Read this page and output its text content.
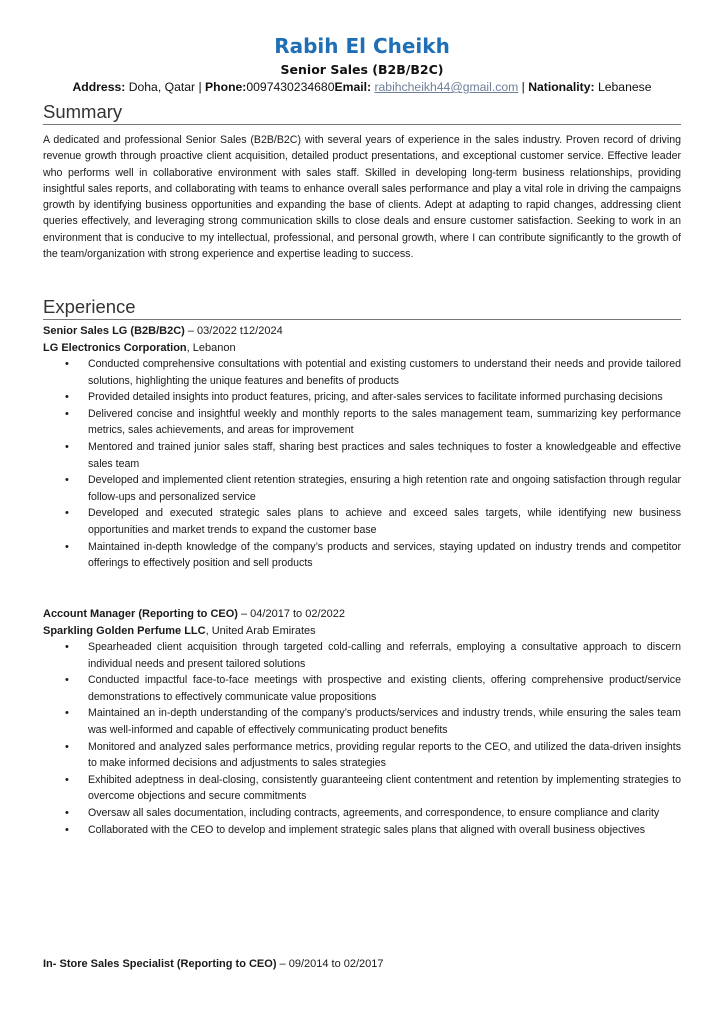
Rabih El Cheikh
Senior Sales (B2B/B2C)
Address: Doha, Qatar | Phone:0097430234680Email: rabihcheikh44@gmail.com | Nationality: Lebanese
Summary
A dedicated and professional Senior Sales (B2B/B2C) with several years of experience in the sales industry. Proven record of driving revenue growth through proactive client acquisition, detailed product presentations, and exceptional customer service. Effective leader who performs well in collaborative environment with sales staff. Skilled in developing long-term business relationships, providing insightful sales reports, and collaborating with teams to enhance overall sales performance and play a vital role in driving the campaigns growth by identifying business opportunities and expanding the base of clients. Adept at adapting to rapid changes, addressing client queries effectively, and leveraging strong communication skills to close deals and ensure customer satisfaction. Seeking to work in an environment that is conducive to my intellectual, professional, and personal growth, where I can contribute significantly to the growth of the team/organization with strong experience and expertise leading to success.
Experience
Senior Sales LG (B2B/B2C) – 03/2022 t12/2024
LG Electronics Corporation, Lebanon
• Conducted comprehensive consultations with potential and existing customers to understand their needs and provide tailored solutions, highlighting the unique features and benefits of products
• Provided detailed insights into product features, pricing, and after-sales services to facilitate informed purchasing decisions
• Delivered concise and insightful weekly and monthly reports to the sales management team, summarizing key performance metrics, sales achievements, and areas for improvement
• Mentored and trained junior sales staff, sharing best practices and sales techniques to foster a knowledgeable and effective sales team
• Developed and implemented client retention strategies, ensuring a high retention rate and ongoing satisfaction through regular follow-ups and personalized service
• Developed and executed strategic sales plans to achieve and exceed sales targets, while identifying new business opportunities and market trends to expand the customer base
• Maintained in-depth knowledge of the company’s products and services, staying updated on industry trends and competitor offerings to effectively position and sell products
Account Manager (Reporting to CEO) – 04/2017 to 02/2022
Sparkling Golden Perfume LLC, United Arab Emirates
• Spearheaded client acquisition through targeted cold-calling and referrals, employing a consultative approach to discern individual needs and present tailored solutions
• Conducted impactful face-to-face meetings with prospective and existing clients, offering comprehensive product/service demonstrations to effectively communicate value propositions
• Maintained an in-depth understanding of the company’s products/services and industry trends, while ensuring the sales team was well-informed and capable of effectively communicating product benefits
• Monitored and analyzed sales performance metrics, providing regular reports to the CEO, and utilized the data-driven insights to make informed decisions and adjustments to sales strategies
• Exhibited adeptness in deal-closing, consistently guaranteeing client contentment and retention by implementing strategies to overcome objections and secure commitments
• Oversaw all sales documentation, including contracts, agreements, and correspondence, to ensure compliance and clarity
• Collaborated with the CEO to develop and implement strategic sales plans that aligned with overall business objectives
In- Store Sales Specialist (Reporting to CEO) – 09/2014 to 02/2017
